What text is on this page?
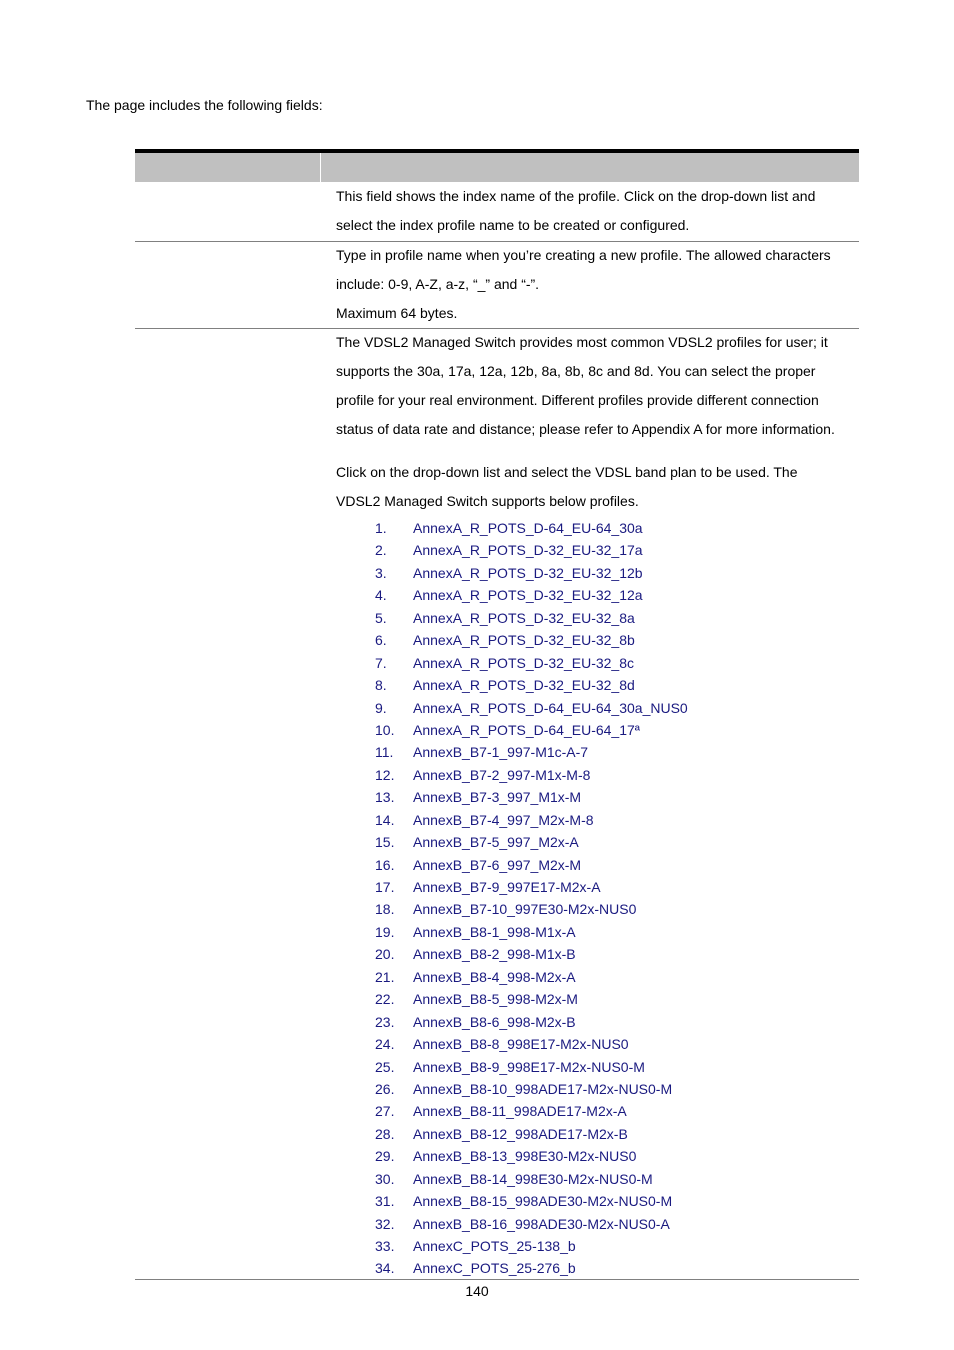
The page includes the following fields:
This field shows the index name of the profile. Click on the drop-down list and
select the index profile name to be created or configured.
Type in profile name when you’re creating a new profile. The allowed characters
include: 0-9, A-Z, a-z, “_” and “-”.
Maximum 64 bytes.
The VDSL2 Managed Switch provides most common VDSL2 profiles for user; it
supports the 30a, 17a, 12a, 12b, 8a, 8b, 8c and 8d. You can select the proper
profile for your real environment. Different profiles provide different connection
status of data rate and distance; please refer to Appendix A for more information.
Click on the drop-down list and select the VDSL band plan to be used. The
VDSL2 Managed Switch supports below profiles.
1. AnnexA_R_POTS_D-64_EU-64_30a
2. AnnexA_R_POTS_D-32_EU-32_17a
3. AnnexA_R_POTS_D-32_EU-32_12b
4. AnnexA_R_POTS_D-32_EU-32_12a
5. AnnexA_R_POTS_D-32_EU-32_8a
6. AnnexA_R_POTS_D-32_EU-32_8b
7. AnnexA_R_POTS_D-32_EU-32_8c
8. AnnexA_R_POTS_D-32_EU-32_8d
9. AnnexA_R_POTS_D-64_EU-64_30a_NUS0
10. AnnexA_R_POTS_D-64_EU-64_17ª
11. AnnexB_B7-1_997-M1c-A-7
12. AnnexB_B7-2_997-M1x-M-8
13. AnnexB_B7-3_997_M1x-M
14. AnnexB_B7-4_997_M2x-M-8
15. AnnexB_B7-5_997_M2x-A
16. AnnexB_B7-6_997_M2x-M
17. AnnexB_B7-9_997E17-M2x-A
18. AnnexB_B7-10_997E30-M2x-NUS0
19. AnnexB_B8-1_998-M1x-A
20. AnnexB_B8-2_998-M1x-B
21. AnnexB_B8-4_998-M2x-A
22. AnnexB_B8-5_998-M2x-M
23. AnnexB_B8-6_998-M2x-B
24. AnnexB_B8-8_998E17-M2x-NUS0
25. AnnexB_B8-9_998E17-M2x-NUS0-M
26. AnnexB_B8-10_998ADE17-M2x-NUS0-M
27. AnnexB_B8-11_998ADE17-M2x-A
28. AnnexB_B8-12_998ADE17-M2x-B
29. AnnexB_B8-13_998E30-M2x-NUS0
30. AnnexB_B8-14_998E30-M2x-NUS0-M
31. AnnexB_B8-15_998ADE30-M2x-NUS0-M
32. AnnexB_B8-16_998ADE30-M2x-NUS0-A
33. AnnexC_POTS_25-138_b
34. AnnexC_POTS_25-276_b
140
